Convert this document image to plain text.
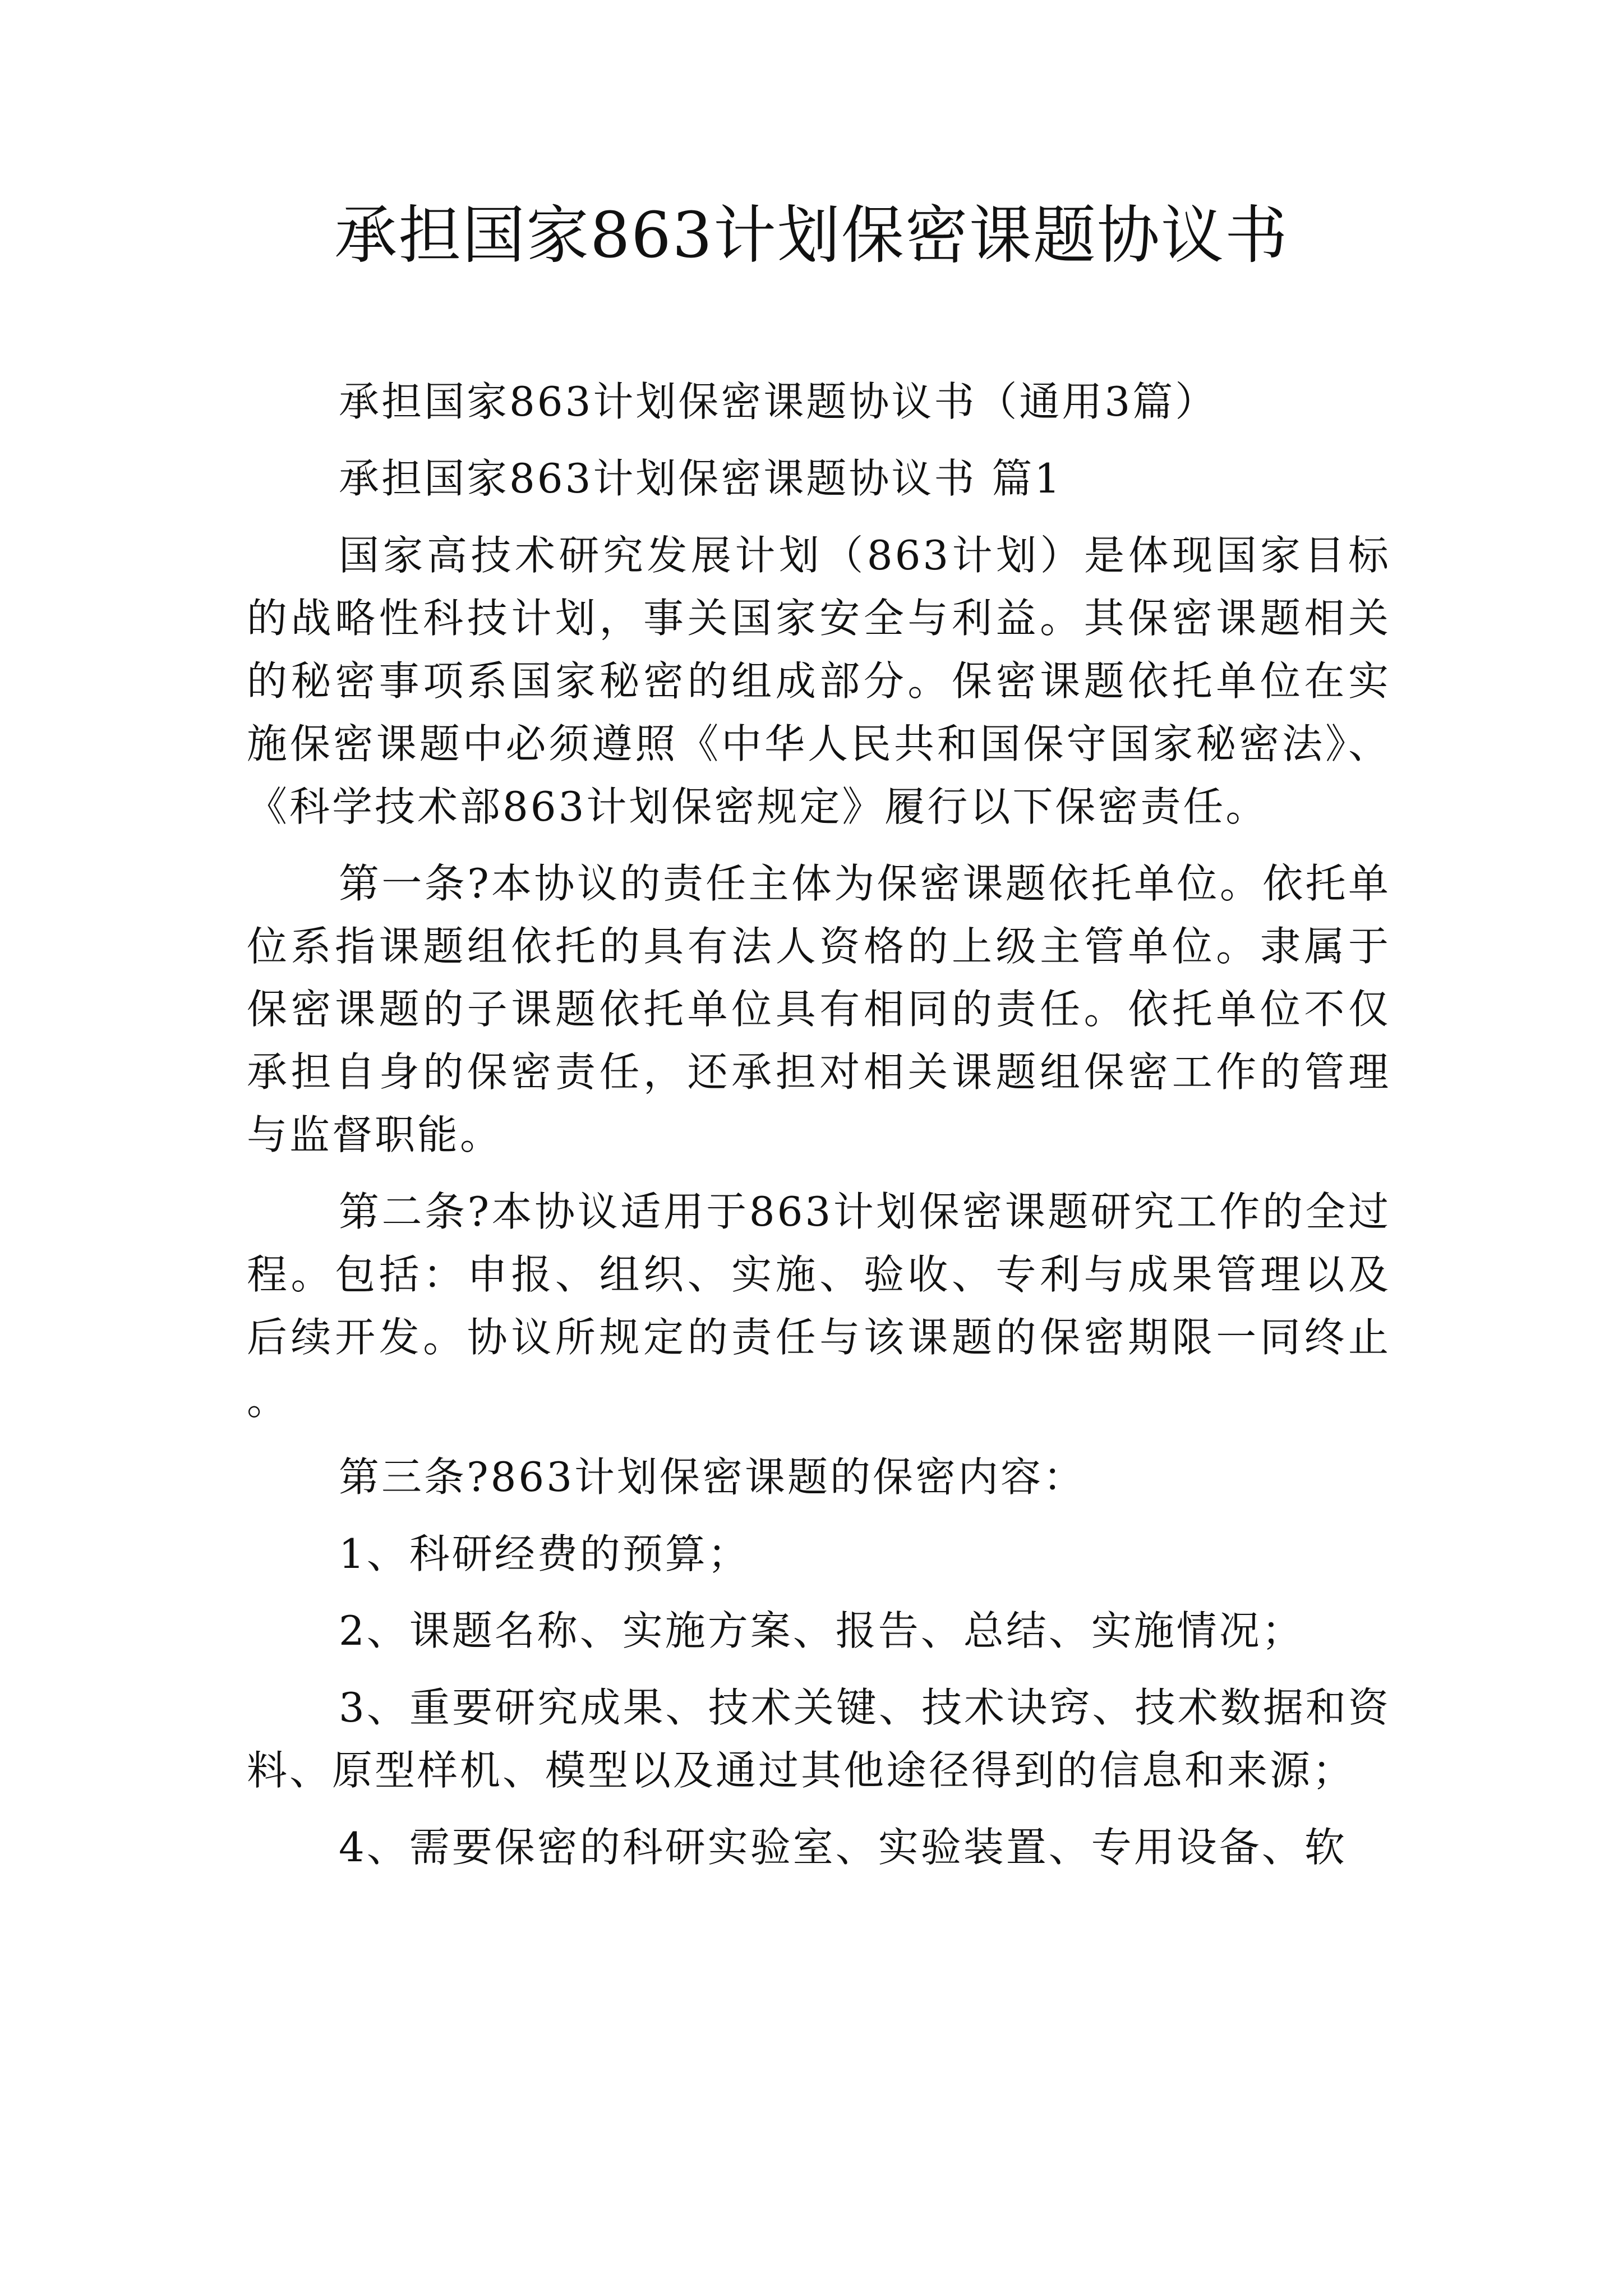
承担国家863计划保密课题协议书

承担国家863计划保密课题协议书（通用3篇）

承担国家863计划保密课题协议书 篇1

国家高技术研究发展计划（863计划）是体现国家目标的战略性科技计划，事关国家安全与利益。其保密课题相关的秘密事项系国家秘密的组成部分。保密课题依托单位在实施保密课题中必须遵照《中华人民共和国保守国家秘密法》、《科学技术部863计划保密规定》履行以下保密责任。

第一条?本协议的责任主体为保密课题依托单位。依托单位系指课题组依托的具有法人资格的上级主管单位。隶属于保密课题的子课题依托单位具有相同的责任。依托单位不仅承担自身的保密责任，还承担对相关课题组保密工作的管理与监督职能。

第二条?本协议适用于863计划保密课题研究工作的全过程。包括：申报、组织、实施、验收、专利与成果管理以及后续开发。协议所规定的责任与该课题的保密期限一同终止。

第三条?863计划保密课题的保密内容：

1、科研经费的预算；

2、课题名称、实施方案、报告、总结、实施情况；

3、重要研究成果、技术关键、技术诀窍、技术数据和资料、原型样机、模型以及通过其他途径得到的信息和来源；

4、需要保密的科研实验室、实验装置、专用设备、软
